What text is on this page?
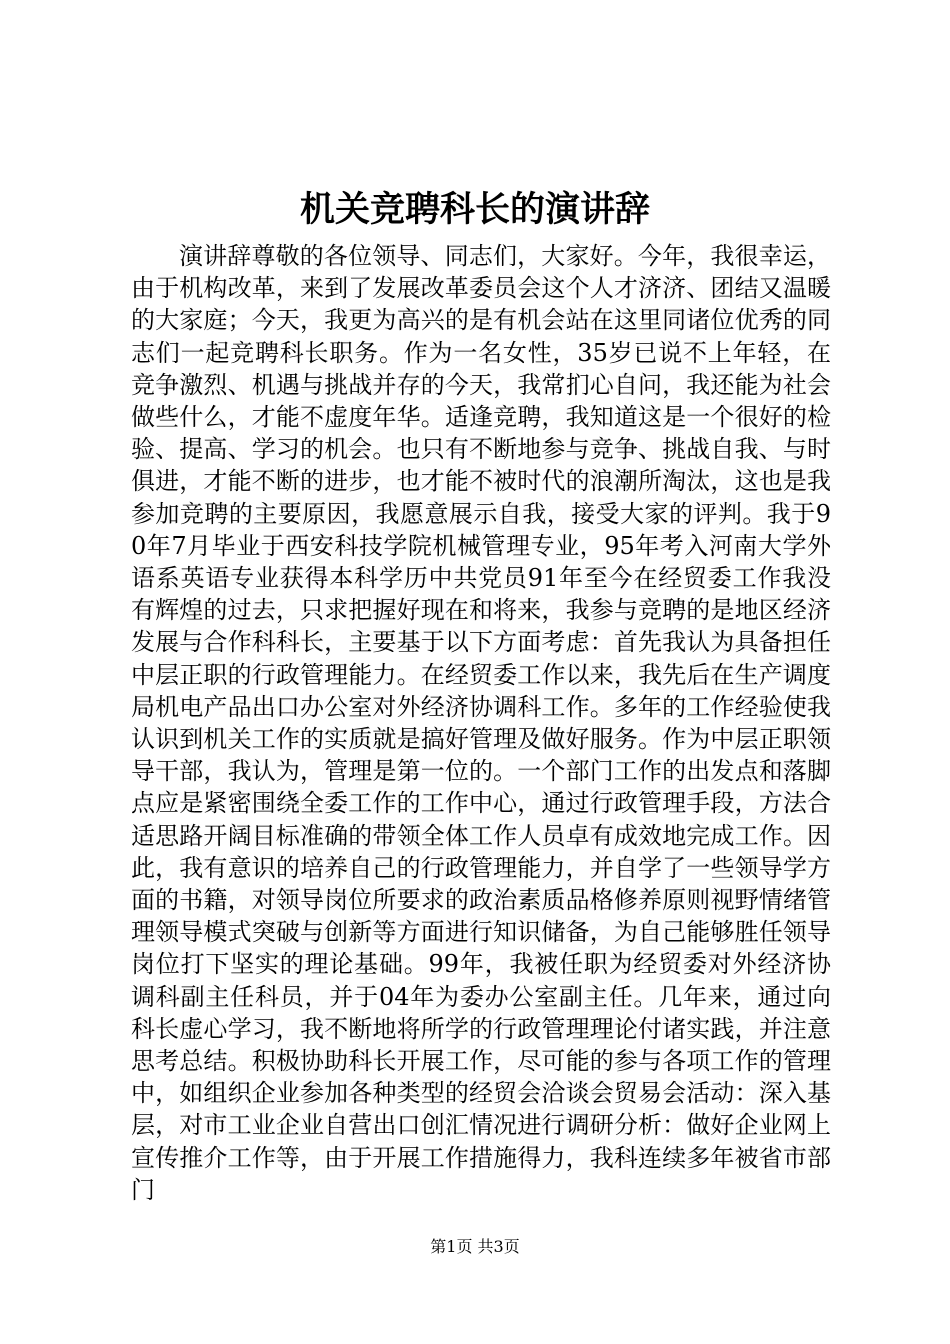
机关竞聘科长的演讲辞

演讲辞尊敬的各位领导、同志们，大家好。今年，我很幸运，由于机构改革，来到了发展改革委员会这个人才济济、团结又温暖的大家庭；今天，我更为高兴的是有机会站在这里同诸位优秀的同志们一起竞聘科长职务。作为一名女性，35岁已说不上年轻，在竞争激烈、机遇与挑战并存的今天，我常扪心自问，我还能为社会做些什么，才能不虚度年华。适逢竞聘，我知道这是一个很好的检验、提高、学习的机会。也只有不断地参与竞争、挑战自我、与时俱进，才能不断的进步，也才能不被时代的浪潮所淘汰，这也是我参加竞聘的主要原因，我愿意展示自我，接受大家的评判。我于90年7月毕业于西安科技学院机械管理专业，95年考入河南大学外语系英语专业获得本科学历中共党员91年至今在经贸委工作我没有辉煌的过去，只求把握好现在和将来，我参与竞聘的是地区经济发展与合作科科长，主要基于以下方面考虑：首先我认为具备担任中层正职的行政管理能力。在经贸委工作以来，我先后在生产调度局机电产品出口办公室对外经济协调科工作。多年的工作经验使我认识到机关工作的实质就是搞好管理及做好服务。作为中层正职领导干部，我认为，管理是第一位的。一个部门工作的出发点和落脚点应是紧密围绕全委工作的工作中心，通过行政管理手段，方法合适思路开阔目标准确的带领全体工作人员卓有成效地完成工作。因此，我有意识的培养自己的行政管理能力，并自学了一些领导学方面的书籍，对领导岗位所要求的政治素质品格修养原则视野情绪管理领导模式突破与创新等方面进行知识储备，为自己能够胜任领导岗位打下坚实的理论基础。99年，我被任职为经贸委对外经济协调科副主任科员，并于04年为委办公室副主任。几年来，通过向科长虚心学习，我不断地将所学的行政管理理论付诸实践，并注意思考总结。积极协助科长开展工作，尽可能的参与各项工作的管理中，如组织企业参加各种类型的经贸会洽谈会贸易会活动：深入基层，对市工业企业自营出口创汇情况进行调研分析：做好企业网上宣传推介工作等，由于开展工作措施得力，我科连续多年被省市部门

第1页 共3页
